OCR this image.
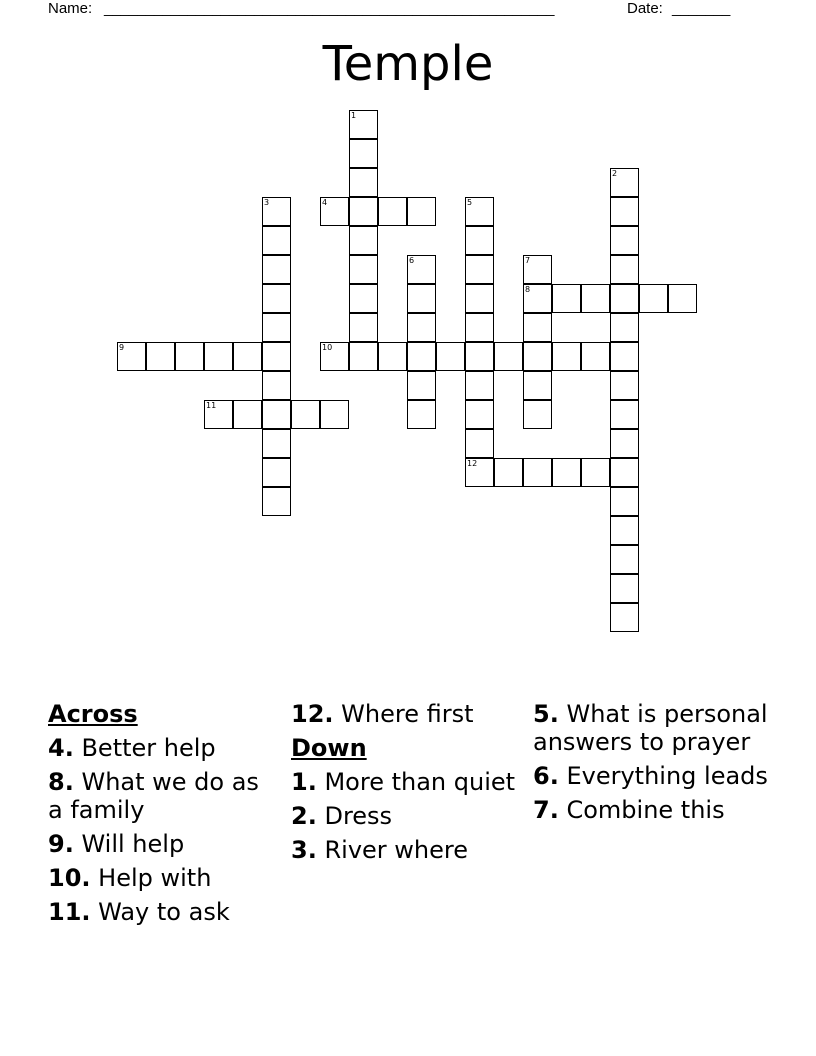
Name: ______________________________________________________	Date: _______
Temple
1
2
3	4	5
6	7
8
9	10
11
12
Across
4. Better help
8. What we do as a family
9. Will help
10. Help with
11. Way to ask
12. Where first
Down
1. More than quiet
2. Dress
3. River where
5. What is personal answers to prayer
6. Everything leads
7. Combine this
